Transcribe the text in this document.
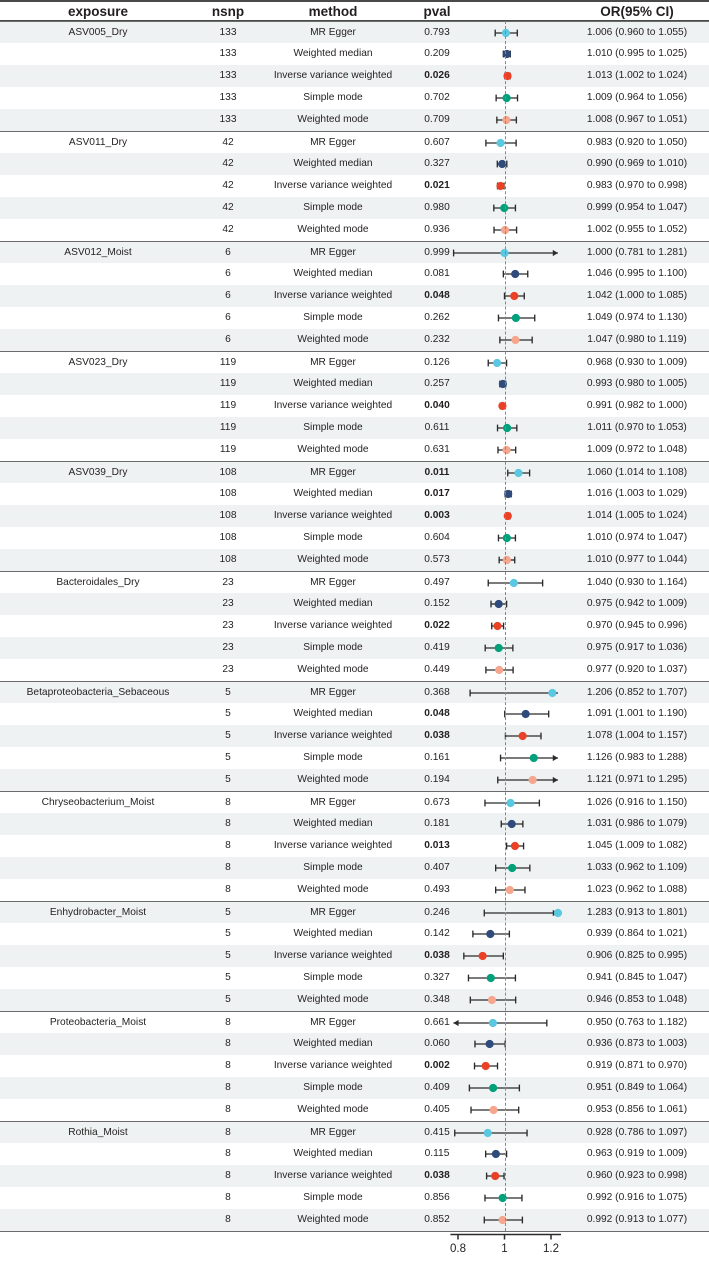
exposure	nsnp	method	pval	OR(95% CI)
ASV005_Dry	133	MR Egger	0.793	1.006 (0.960 to 1.055)
133	Weighted median	0.209	1.010 (0.995 to 1.025)
133	Inverse variance weighted	0.026	1.013 (1.002 to 1.024)
133	Simple mode	0.702	1.009 (0.964 to 1.056)
133	Weighted mode	0.709	1.008 (0.967 to 1.051)
ASV011_Dry	42	MR Egger	0.607	0.983 (0.920 to 1.050)
42	Weighted median	0.327	0.990 (0.969 to 1.010)
42	Inverse variance weighted	0.021	0.983 (0.970 to 0.998)
42	Simple mode	0.980	0.999 (0.954 to 1.047)
42	Weighted mode	0.936	1.002 (0.955 to 1.052)
ASV012_Moist	6	MR Egger	0.999	1.000 (0.781 to 1.281)
6	Weighted median	0.081	1.046 (0.995 to 1.100)
6	Inverse variance weighted	0.048	1.042 (1.000 to 1.085)
6	Simple mode	0.262	1.049 (0.974 to 1.130)
6	Weighted mode	0.232	1.047 (0.980 to 1.119)
ASV023_Dry	119	MR Egger	0.126	0.968 (0.930 to 1.009)
119	Weighted median	0.257	0.993 (0.980 to 1.005)
119	Inverse variance weighted	0.040	0.991 (0.982 to 1.000)
119	Simple mode	0.611	1.011 (0.970 to 1.053)
119	Weighted mode	0.631	1.009 (0.972 to 1.048)
ASV039_Dry	108	MR Egger	0.011	1.060 (1.014 to 1.108)
108	Weighted median	0.017	1.016 (1.003 to 1.029)
108	Inverse variance weighted	0.003	1.014 (1.005 to 1.024)
108	Simple mode	0.604	1.010 (0.974 to 1.047)
108	Weighted mode	0.573	1.010 (0.977 to 1.044)
Bacteroidales_Dry	23	MR Egger	0.497	1.040 (0.930 to 1.164)
23	Weighted median	0.152	0.975 (0.942 to 1.009)
23	Inverse variance weighted	0.022	0.970 (0.945 to 0.996)
23	Simple mode	0.419	0.975 (0.917 to 1.036)
23	Weighted mode	0.449	0.977 (0.920 to 1.037)
Betaproteobacteria_Sebaceous	5	MR Egger	0.368	1.206 (0.852 to 1.707)
5	Weighted median	0.048	1.091 (1.001 to 1.190)
5	Inverse variance weighted	0.038	1.078 (1.004 to 1.157)
5	Simple mode	0.161	1.126 (0.983 to 1.288)
5	Weighted mode	0.194	1.121 (0.971 to 1.295)
Chryseobacterium_Moist	8	MR Egger	0.673	1.026 (0.916 to 1.150)
8	Weighted median	0.181	1.031 (0.986 to 1.079)
8	Inverse variance weighted	0.013	1.045 (1.009 to 1.082)
8	Simple mode	0.407	1.033 (0.962 to 1.109)
8	Weighted mode	0.493	1.023 (0.962 to 1.088)
Enhydrobacter_Moist	5	MR Egger	0.246	1.283 (0.913 to 1.801)
5	Weighted median	0.142	0.939 (0.864 to 1.021)
5	Inverse variance weighted	0.038	0.906 (0.825 to 0.995)
5	Simple mode	0.327	0.941 (0.845 to 1.047)
5	Weighted mode	0.348	0.946 (0.853 to 1.048)
Proteobacteria_Moist	8	MR Egger	0.661	0.950 (0.763 to 1.182)
8	Weighted median	0.060	0.936 (0.873 to 1.003)
8	Inverse variance weighted	0.002	0.919 (0.871 to 0.970)
8	Simple mode	0.409	0.951 (0.849 to 1.064)
8	Weighted mode	0.405	0.953 (0.856 to 1.061)
Rothia_Moist	8	MR Egger	0.415	0.928 (0.786 to 1.097)
8	Weighted median	0.115	0.963 (0.919 to 1.009)
8	Inverse variance weighted	0.038	0.960 (0.923 to 0.998)
8	Simple mode	0.856	0.992 (0.916 to 1.075)
8	Weighted mode	0.852	0.992 (0.913 to 1.077)
0.8	1	1.2
